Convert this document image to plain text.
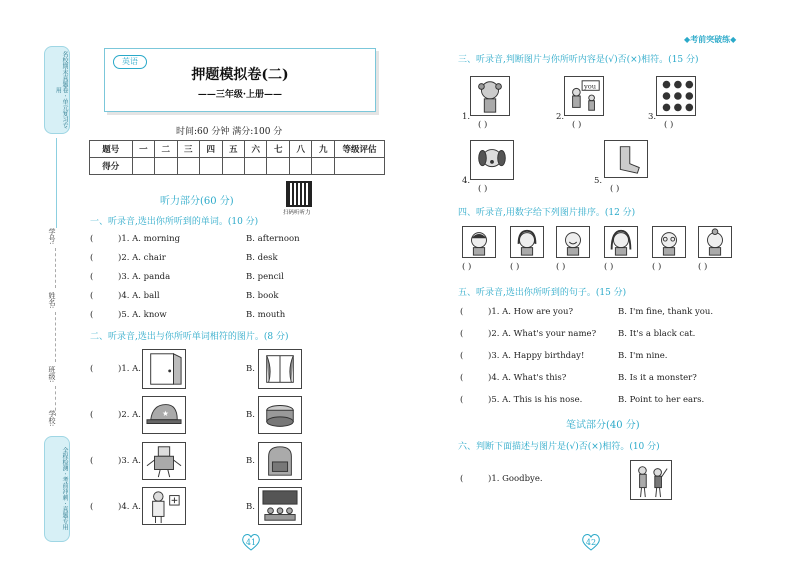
名校期末真题卷 · 单元复习专用
学号:
姓名:
班级:
学校:
全程检测 · 考前冲刺 · 真题专用
◆考前突破练◆
英语
押题模拟卷(二)
——三年级·上册——
时间:60 分钟 满分:100 分
题号	一	二	三	四	五	六	七	八	九	等级评估
得分										
听力部分(60 分)
扫码听听力
一、听录音,选出你所听到的单词。(10 分)
(	)1. A. morning	B. afternoon
(	)2. A. chair	B. desk
(	)3. A. panda	B. pencil
(	)4. A. ball	B. book
(	)5. A. know	B. mouth
二、听录音,选出与你所听单词相符的图片。(8 分)
(	)1. A.	B.
(	)2. A.	★	B.
(	)3. A.	B.
(	)4. A.	B.
41
三、听录音,判断图片与你所听内容是(√)否(×)相符。(15 分)
1.
( )
you
2.
( )
3.
( )
4.
( )
5.
( )
四、听录音,用数字给下列图片排序。(12 分)
( )	( )	( )	( )	( )	( )
五、听录音,选出你所听到的句子。(15 分)
(	)1. A. How are you?	B. I'm fine, thank you.
(	)2. A. What's your name?	B. It's a black cat.
(	)3. A. Happy birthday!	B. I'm nine.
(	)4. A. What's this?	B. Is it a monster?
(	)5. A. This is his nose.	B. Point to her ears.
笔试部分(40 分)
六、判断下面描述与图片是(√)否(×)相符。(10 分)
(	)1. Goodbye.
42
